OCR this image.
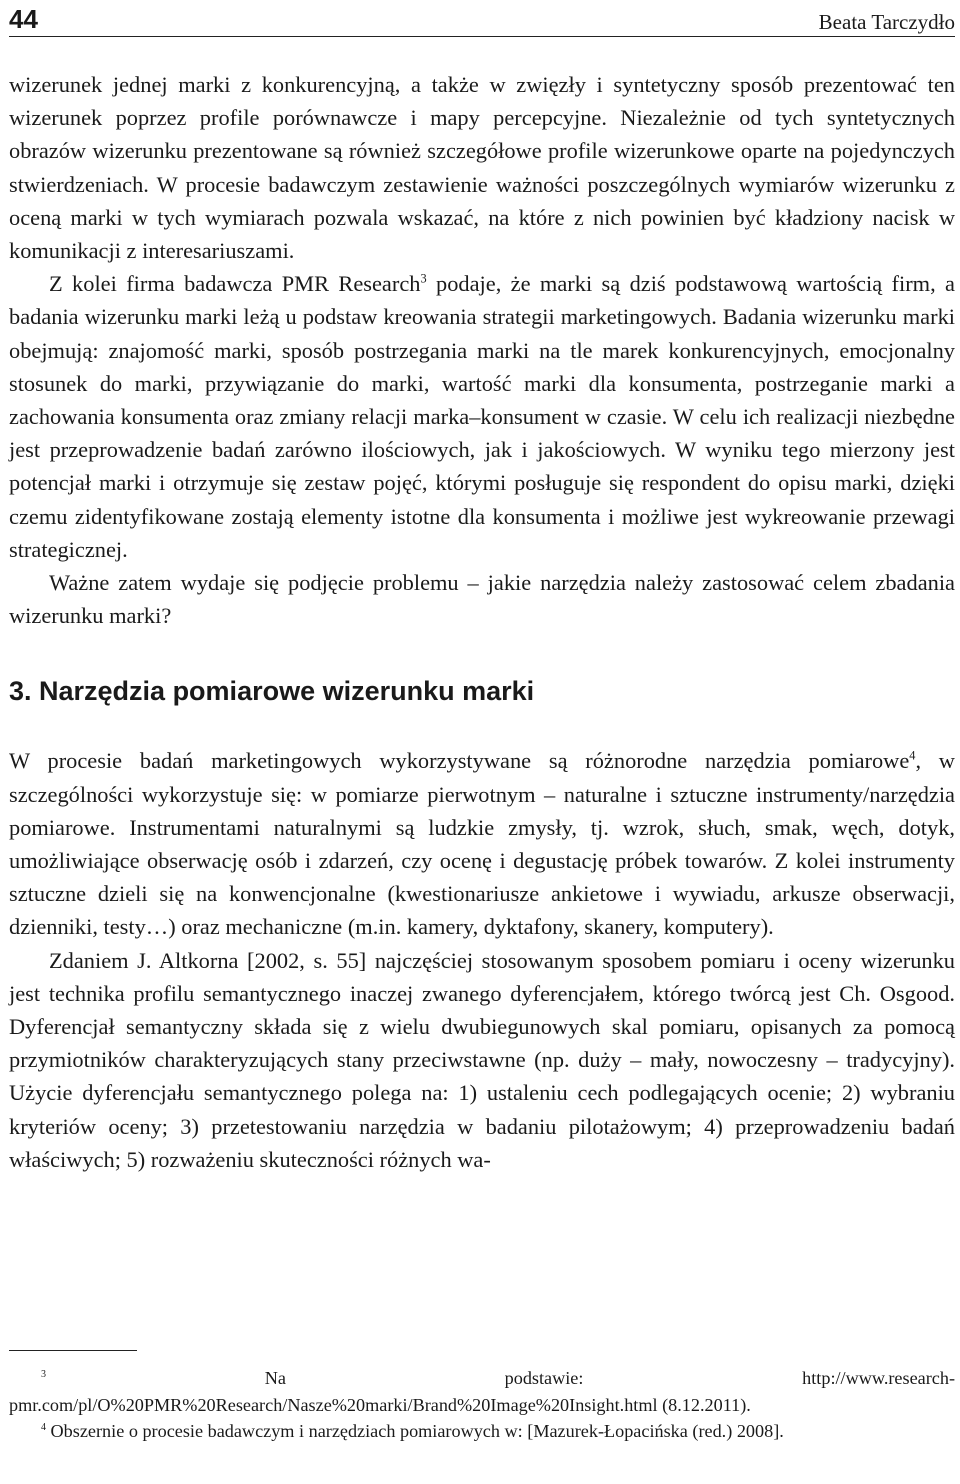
44	Beata Tarczydło

wizerunek jednej marki z konkurencyjną, a także w zwięzły i syntetyczny sposób prezentować ten wizerunek poprzez profile porównawcze i mapy percepcyjne. Niezależnie od tych syntetycznych obrazów wizerunku prezentowane są również szczegółowe profile wizerunkowe oparte na pojedynczych stwierdzeniach. W procesie badawczym zestawienie ważności poszczególnych wymiarów wizerunku z oceną marki w tych wymiarach pozwala wskazać, na które z nich powinien być kładziony nacisk w komunikacji z interesariuszami.

Z kolei firma badawcza PMR Research$^3$ podaje, że marki są dziś podstawową wartością firm, a badania wizerunku marki leżą u podstaw kreowania strategii marketingowych. Badania wizerunku marki obejmują: znajomość marki, sposób postrzegania marki na tle marek konkurencyjnych, emocjonalny stosunek do marki, przywiązanie do marki, wartość marki dla konsumenta, postrzeganie marki a zachowania konsumenta oraz zmiany relacji marka–konsument w czasie. W celu ich realizacji niezbędne jest przeprowadzenie badań zarówno ilościowych, jak i jakościowych. W wyniku tego mierzony jest potencjał marki i otrzymuje się zestaw pojęć, którymi posługuje się respondent do opisu marki, dzięki czemu zidentyfikowane zostają elementy istotne dla konsumenta i możliwe jest wykreowanie przewagi strategicznej.

Ważne zatem wydaje się podjęcie problemu – jakie narzędzia należy zastosować celem zbadania wizerunku marki?

3. Narzędzia pomiarowe wizerunku marki

W procesie badań marketingowych wykorzystywane są różnorodne narzędzia pomiarowe$^4$, w szczególności wykorzystuje się: w pomiarze pierwotnym – naturalne i sztuczne instrumenty/narzędzia pomiarowe. Instrumentami naturalnymi są ludzkie zmysły, tj. wzrok, słuch, smak, węch, dotyk, umożliwiające obserwację osób i zdarzeń, czy ocenę i degustację próbek towarów. Z kolei instrumenty sztuczne dzieli się na konwencjonalne (kwestionariusze ankietowe i wywiadu, arkusze obserwacji, dzienniki, testy…) oraz mechaniczne (m.in. kamery, dyktafony, skanery, komputery).

Zdaniem J. Altkorna [2002, s. 55] najczęściej stosowanym sposobem pomiaru i oceny wizerunku jest technika profilu semantycznego inaczej zwanego dyferencjałem, którego twórcą jest Ch. Osgood. Dyferencjał semantyczny składa się z wielu dwubiegunowych skal pomiaru, opisanych za pomocą przymiotników charakteryzujących stany przeciwstawne (np. duży – mały, nowoczesny – tradycyjny). Użycie dyferencjału semantycznego polega na: 1) ustaleniu cech podlegających ocenie; 2) wybraniu kryteriów oceny; 3) przetestowaniu narzędzia w badaniu pilotażowym; 4) przeprowadzeniu badań właściwych; 5) rozważeniu skuteczności różnych wa-

$^3$ Na podstawie: http://www.research-pmr.com/pl/O%20PMR%20Research/Nasze%20marki/Brand%20Image%20Insight.html (8.12.2011).

$^4$ Obszernie o procesie badawczym i narzędziach pomiarowych w: [Mazurek-Łopacińska (red.) 2008].
